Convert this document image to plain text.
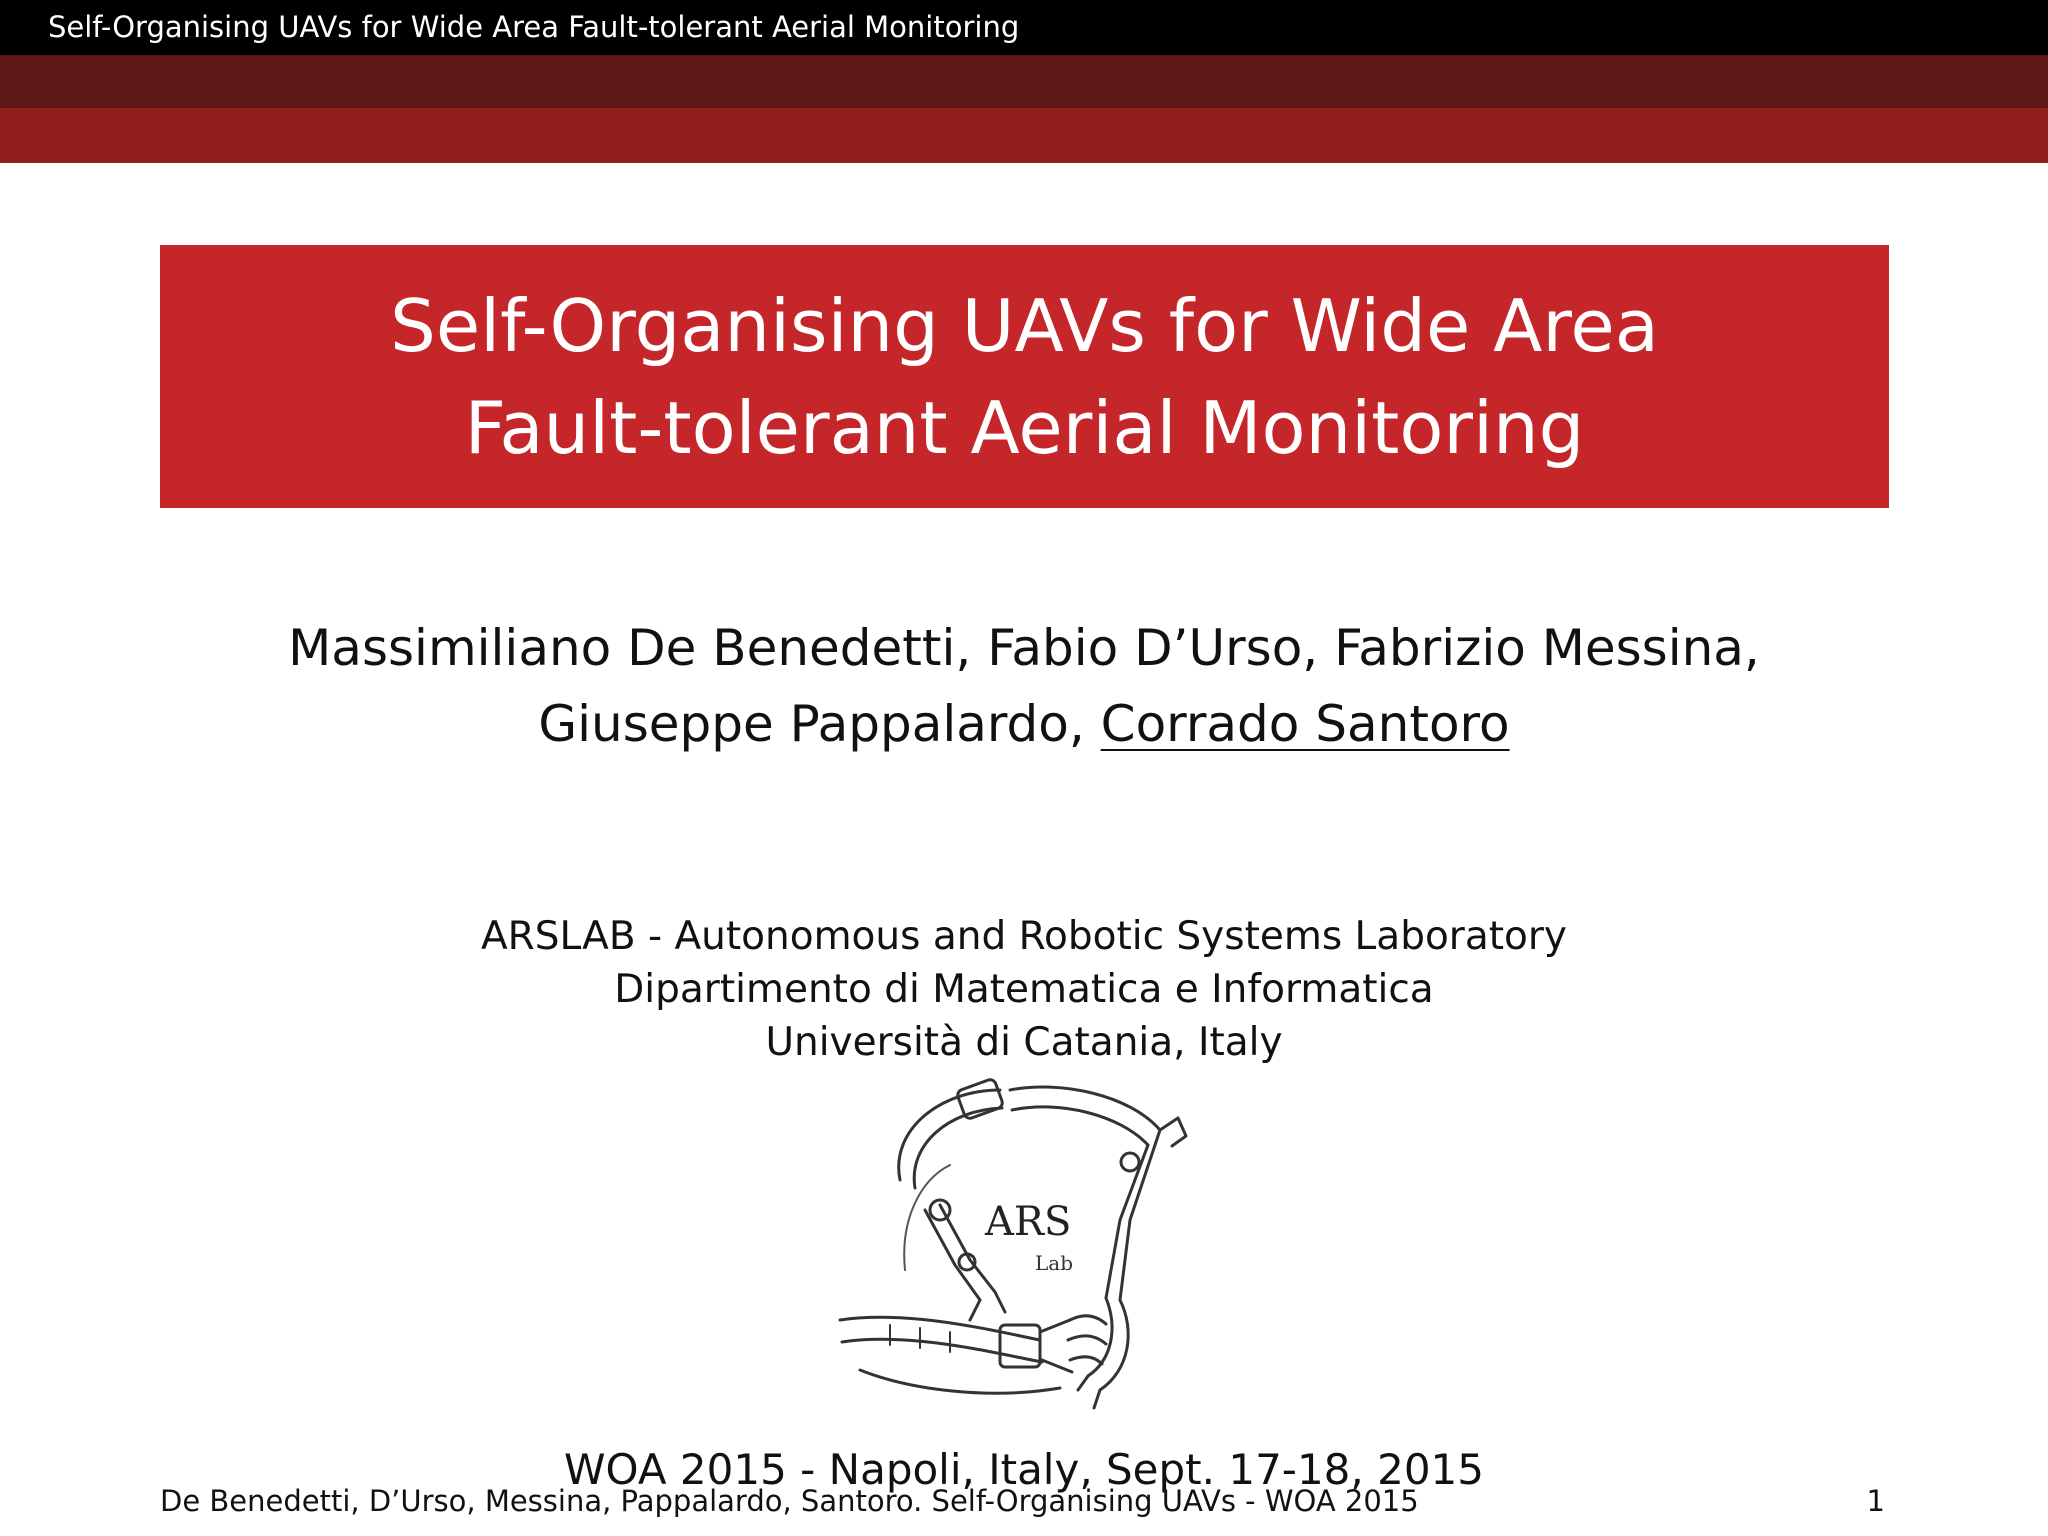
Self-Organising UAVs for Wide Area Fault-tolerant Aerial Monitoring
Self-Organising UAVs for Wide Area
Fault-tolerant Aerial Monitoring
Massimiliano De Benedetti, Fabio D’Urso, Fabrizio Messina,
Giuseppe Pappalardo, Corrado Santoro
ARSLAB - Autonomous and Robotic Systems Laboratory
Dipartimento di Matematica e Informatica
Università di Catania, Italy
ARS
Lab
WOA 2015 - Napoli, Italy, Sept. 17-18, 2015
De Benedetti, D’Urso, Messina, Pappalardo, Santoro. Self-Organising UAVs - WOA 2015	1
